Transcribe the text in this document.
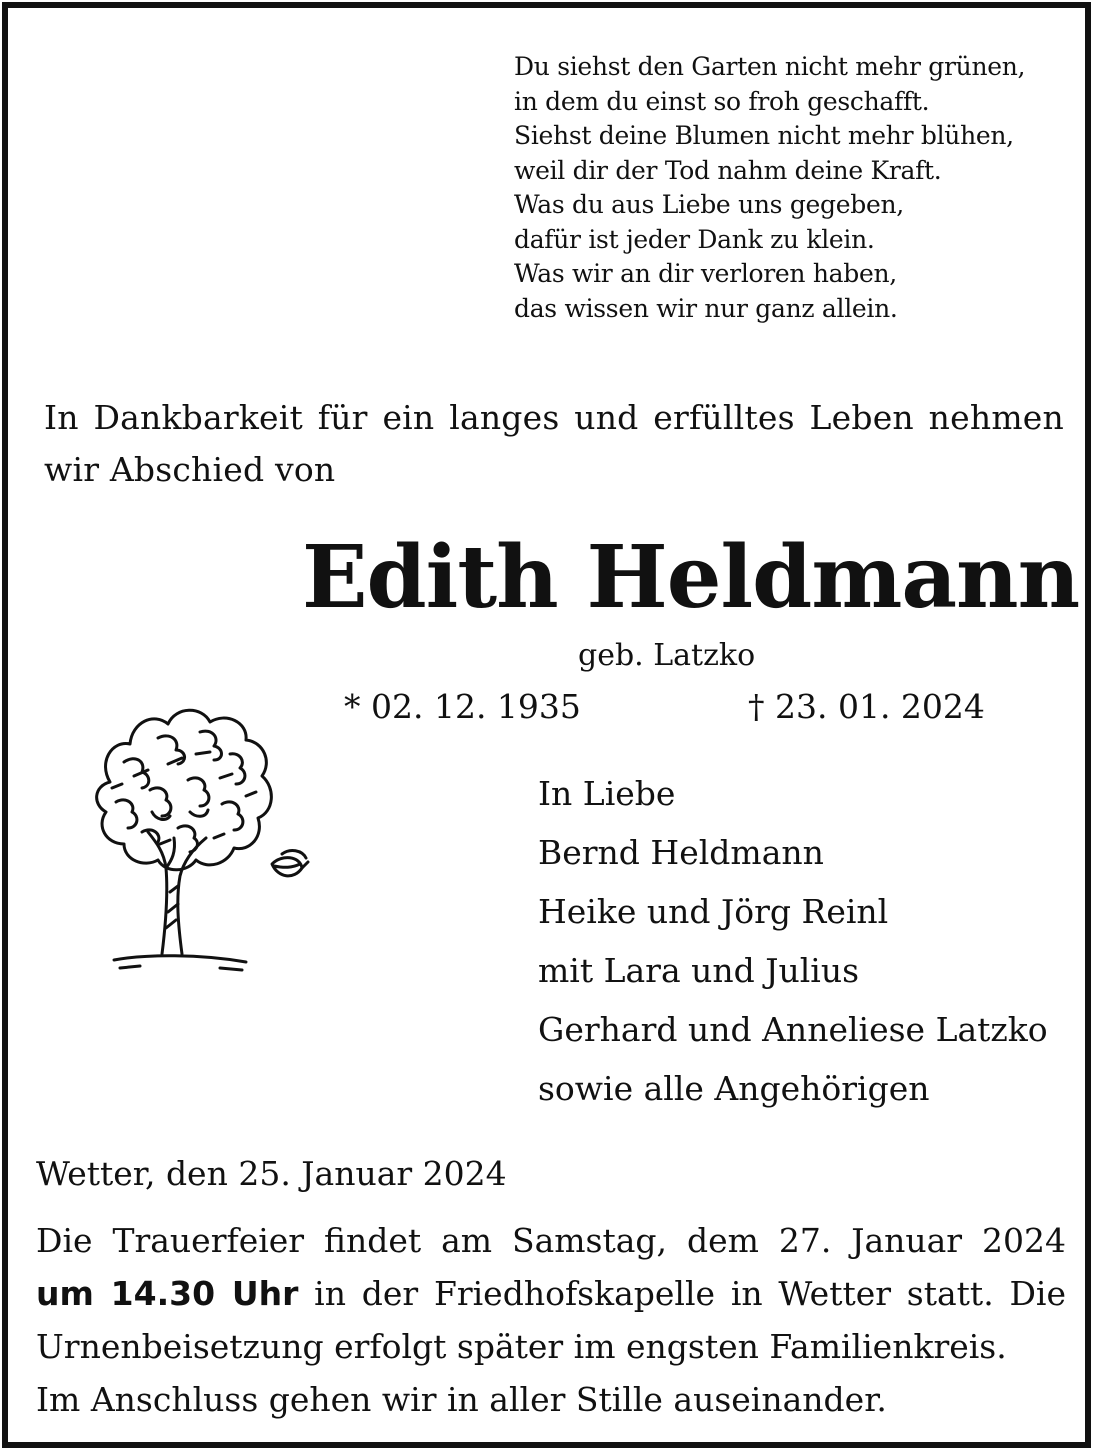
Du siehst den Garten nicht mehr grünen,
in dem du einst so froh geschafft.
Siehst deine Blumen nicht mehr blühen,
weil dir der Tod nahm deine Kraft.
Was du aus Liebe uns gegeben,
dafür ist jeder Dank zu klein.
Was wir an dir verloren haben,
das wissen wir nur ganz allein.
In Dankbarkeit für ein langes und erfülltes Leben nehmen
wir Abschied von
Edith Heldmann
geb. Latzko
* 02. 12. 1935	† 23. 01. 2024
In Liebe
Bernd Heldmann
Heike und Jörg Reinl
mit Lara und Julius
Gerhard und Anneliese Latzko
sowie alle Angehörigen
Wetter, den 25. Januar 2024
Die Trauerfeier findet am Samstag, dem 27. Januar 2024
um 14.30 Uhr in der Friedhofskapelle in Wetter statt. Die
Urnenbeisetzung erfolgt später im engsten Familienkreis.
Im Anschluss gehen wir in aller Stille auseinander.
